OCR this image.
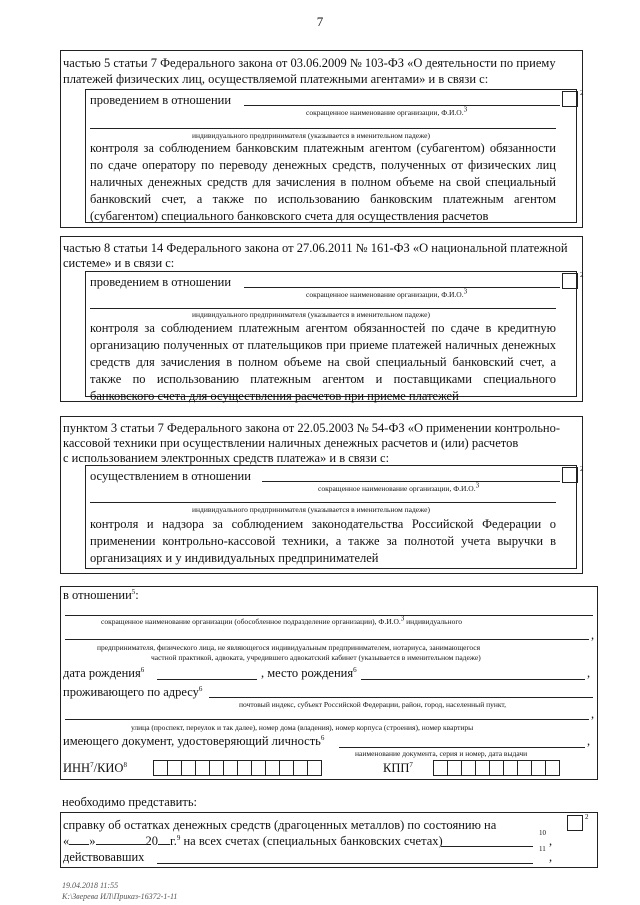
7
частью 5 статьи 7 Федерального закона от 03.06.2009 № 103-ФЗ «О деятельности по приему
платежей физических лиц, осуществляемой платежными агентами» и в связи с:
проведением в отношении	2
сокращенное наименование организации, Ф.И.О.3
индивидуального предпринимателя (указывается в именительном падеже)
контроля за соблюдением банковским платежным агентом (субагентом) обязанности по сдаче оператору по переводу денежных средств, полученных от физических лиц наличных денежных средств для зачисления в полном объеме на свой специальный банковский счет, а также по использованию банковским платежным агентом (субагентом) специального банковского счета для осуществления расчетов
частью 8 статьи 14 Федерального закона от 27.06.2011 № 161-ФЗ «О национальной платежной
системе» и в связи с:
проведением в отношении	2
сокращенное наименование организации, Ф.И.О.3
индивидуального предпринимателя (указывается в именительном падеже)
контроля за соблюдением платежным агентом обязанностей по сдаче в кредитную организацию полученных от плательщиков при приеме платежей наличных денежных средств для зачисления в полном объеме на свой специальный банковский счет, а также по использованию платежным агентом и поставщиками специального банковского счета для осуществления расчетов при приеме платежей
пунктом 3 статьи 7 Федерального закона от 22.05.2003 № 54-ФЗ «О применении контрольно-
кассовой техники при осуществлении наличных денежных расчетов и (или) расчетов
с использованием электронных средств платежа» и в связи с:
осуществлением в отношении	2
сокращенное наименование организации, Ф.И.О.3
индивидуального предпринимателя (указывается в именительном падеже)
контроля и надзора за соблюдением законодательства Российской Федерации о применении контрольно-кассовой техники, а также за полнотой учета выручки в организациях и у индивидуальных предпринимателей
в отношении$^5$:
сокращенное наименование организации (обособленное подразделение организации), Ф.И.О.3 индивидуального
,
предпринимателя, физического лица, не являющегося индивидуальным предпринимателем, нотариуса, занимающегося
частной практикой, адвоката, учредившего адвокатский кабинет (указывается в именительном падеже)
дата рождения$^6$	, место рождения$^6$	,
проживающего по адресу$^6$
почтовый индекс, субъект Российской Федерации, район, город, населенный пункт,
,
улица (проспект, переулок и так далее), номер дома (владения), номер корпуса (строения), номер квартиры
имеющего документ, удостоверяющий личность$^6$	,
наименование документа, серия и номер, дата выдачи
ИНН$^7$/КИО$^8$	КПП$^7$
необходимо представить:
справку об остатках денежных средств (драгоценных металлов) по состоянию на
2
« »	20 г.$^9$ на всех счетах (специальных банковских счетах)
10
,
действовавших
11
,
19.04.2018 11:55
К:\Зверева ИЛ\Приказ-16372-1-11
